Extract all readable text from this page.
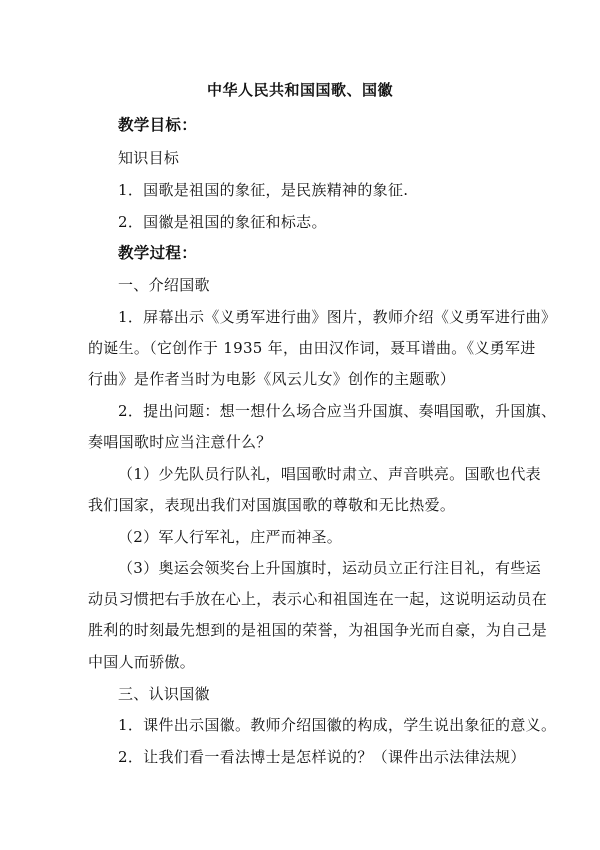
中华人民共和国国歌、国徽
教学目标：
知识目标
1．国歌是祖国的象征，是民族精神的象征.
2．国徽是祖国的象征和标志。
教学过程：
一、介绍国歌
1．屏幕出示《义勇军进行曲》图片，教师介绍《义勇军进行曲》
的诞生。（它创作于 1935 年，由田汉作词，聂耳谱曲。《义勇军进
行曲》是作者当时为电影《风云儿女》创作的主题歌）
2．提出问题：想一想什么场合应当升国旗、奏唱国歌，升国旗、
奏唱国歌时应当注意什么？
（1）少先队员行队礼，唱国歌时肃立、声音哄亮。国歌也代表
我们国家，表现出我们对国旗国歌的尊敬和无比热爱。
（2）军人行军礼，庄严而神圣。
（3）奥运会领奖台上升国旗时，运动员立正行注目礼，有些运
动员习惯把右手放在心上，表示心和祖国连在一起，这说明运动员在
胜利的时刻最先想到的是祖国的荣誉，为祖国争光而自豪，为自己是
中国人而骄傲。
三、认识国徽
1．课件出示国徽。教师介绍国徽的构成，学生说出象征的意义。
2．让我们看一看法博士是怎样说的？（课件出示法律法规）
